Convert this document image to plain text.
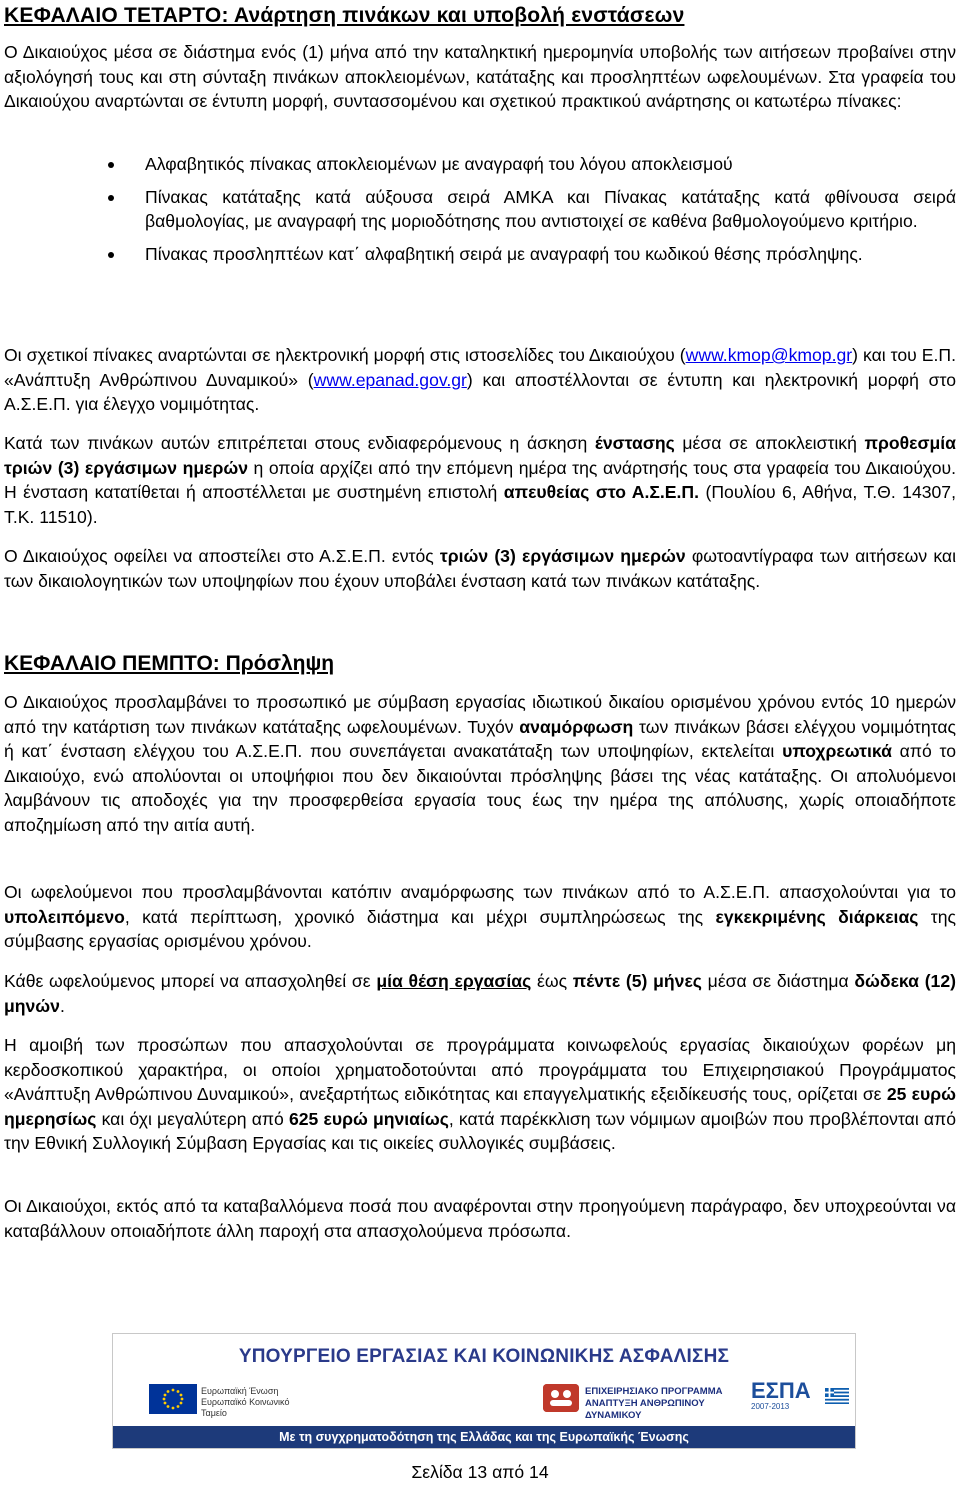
ΚΕΦΑΛΑΙΟ ΤΕΤΑΡΤΟ: Ανάρτηση πινάκων και υποβολή ενστάσεων

Ο Δικαιούχος μέσα σε διάστημα ενός (1) μήνα από την καταληκτική ημερομηνία υποβολής των αιτήσεων προβαίνει στην αξιολόγησή τους και στη σύνταξη πινάκων αποκλειομένων, κατάταξης και προσληπτέων ωφελουμένων. Στα γραφεία του Δικαιούχου αναρτώνται σε έντυπη μορφή, συντασσομένου και σχετικού πρακτικού ανάρτησης οι κατωτέρω πίνακες:

Αλφαβητικός πίνακας αποκλειομένων με αναγραφή του λόγου αποκλεισμού
Πίνακας κατάταξης κατά αύξουσα σειρά ΑΜΚΑ και Πίνακας κατάταξης κατά φθίνουσα σειρά βαθμολογίας, με αναγραφή της μοριοδότησης που αντιστοιχεί σε καθένα βαθμολογούμενο κριτήριο.
Πίνακας προσληπτέων κατ΄ αλφαβητική σειρά με αναγραφή του κωδικού θέσης πρόσληψης.

Οι σχετικοί πίνακες αναρτώνται σε ηλεκτρονική μορφή στις ιστοσελίδες του Δικαιούχου (www.kmop@kmop.gr) και του Ε.Π. «Ανάπτυξη Ανθρώπινου Δυναμικού» (www.epanad.gov.gr) και αποστέλλονται σε έντυπη και ηλεκτρονική μορφή στο Α.Σ.Ε.Π. για έλεγχο νομιμότητας.

Κατά των πινάκων αυτών επιτρέπεται στους ενδιαφερόμενους η άσκηση ένστασης μέσα σε αποκλειστική προθεσμία τριών (3) εργάσιμων ημερών η οποία αρχίζει από την επόμενη ημέρα της ανάρτησής τους στα γραφεία του Δικαιούχου. Η ένσταση κατατίθεται ή αποστέλλεται με συστημένη επιστολή απευθείας στο Α.Σ.Ε.Π. (Πουλίου 6, Αθήνα, Τ.Θ. 14307, Τ.Κ. 11510).

Ο Δικαιούχος οφείλει να αποστείλει στο Α.Σ.Ε.Π. εντός τριών (3) εργάσιμων ημερών φωτοαντίγραφα των αιτήσεων και των δικαιολογητικών των υποψηφίων που έχουν υποβάλει ένσταση κατά των πινάκων κατάταξης.

ΚΕΦΑΛΑΙΟ ΠΕΜΠΤΟ: Πρόσληψη

Ο Δικαιούχος προσλαμβάνει το προσωπικό με σύμβαση εργασίας ιδιωτικού δικαίου ορισμένου χρόνου εντός 10 ημερών από την κατάρτιση των πινάκων κατάταξης ωφελουμένων. Τυχόν αναμόρφωση των πινάκων βάσει ελέγχου νομιμότητας ή κατ΄ ένσταση ελέγχου του Α.Σ.Ε.Π. που συνεπάγεται ανακατάταξη των υποψηφίων, εκτελείται υποχρεωτικά από το Δικαιούχο, ενώ απολύονται οι υποψήφιοι που δεν δικαιούνται πρόσληψης βάσει της νέας κατάταξης. Οι απολυόμενοι λαμβάνουν τις αποδοχές για την προσφερθείσα εργασία τους έως την ημέρα της απόλυσης, χωρίς οποιαδήποτε αποζημίωση από την αιτία αυτή.

Οι ωφελούμενοι που προσλαμβάνονται κατόπιν αναμόρφωσης των πινάκων από το Α.Σ.Ε.Π. απασχολούνται για το υπολειπόμενο, κατά περίπτωση, χρονικό διάστημα και μέχρι συμπληρώσεως της εγκεκριμένης διάρκειας της σύμβασης εργασίας ορισμένου χρόνου.

Κάθε ωφελούμενος μπορεί να απασχοληθεί σε μία θέση εργασίας έως πέντε (5) μήνες μέσα σε διάστημα δώδεκα (12) μηνών.

Η αμοιβή των προσώπων που απασχολούνται σε προγράμματα κοινωφελούς εργασίας δικαιούχων φορέων μη κερδοσκοπικού χαρακτήρα, οι οποίοι χρηματοδοτούνται από προγράμματα του Επιχειρησιακού Προγράμματος «Ανάπτυξη Ανθρώπινου Δυναμικού», ανεξαρτήτως ειδικότητας και επαγγελματικής εξειδίκευσής τους, ορίζεται σε 25 ευρώ ημερησίως και όχι μεγαλύτερη από 625 ευρώ μηνιαίως, κατά παρέκκλιση των νόμιμων αμοιβών που προβλέπονται από την Εθνική Συλλογική Σύμβαση Εργασίας και τις οικείες συλλογικές συμβάσεις.

Οι Δικαιούχοι, εκτός από τα καταβαλλόμενα ποσά που αναφέρονται στην προηγούμενη παράγραφο, δεν υποχρεούνται να καταβάλλουν οποιαδήποτε άλλη παροχή στα απασχολούμενα πρόσωπα.

ΥΠΟΥΡΓΕΙΟ ΕΡΓΑΣΙΑΣ ΚΑΙ ΚΟΙΝΩΝΙΚΗΣ ΑΣΦΑΛΙΣΗΣ
Ευρωπαϊκή Ένωση Ευρωπαϊκό Κοινωνικό Ταμείο
ΕΠΙΧΕΙΡΗΣΙΑΚΟ ΠΡΟΓΡΑΜΜΑ
ΑΝΑΠΤΥΞΗ ΑΝΘΡΩΠΙΝΟΥ ΔΥΝΑΜΙΚΟΥ
ΕΣΠΑ
2007-2013
Με τη συγχρηματοδότηση της Ελλάδας και της Ευρωπαϊκής Ένωσης
Σελίδα 13 από 14
